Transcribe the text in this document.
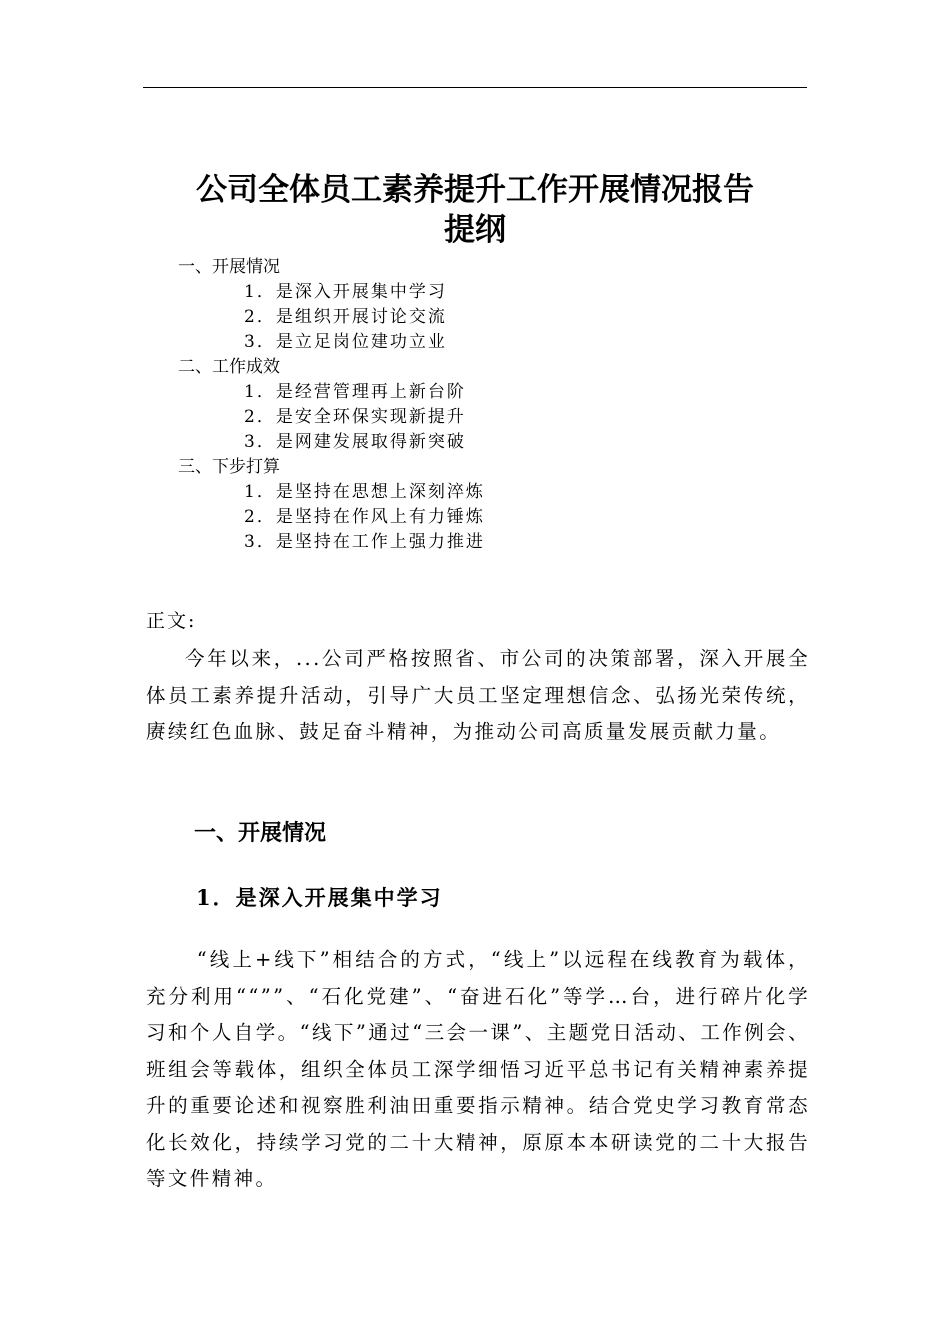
公司全体员工素养提升工作开展情况报告
提纲
一、开展情况
1．是深入开展集中学习
2．是组织开展讨论交流
3．是立足岗位建功立业
二、工作成效
1．是经营管理再上新台阶
2．是安全环保实现新提升
3．是网建发展取得新突破
三、下步打算
1．是坚持在思想上深刻淬炼
2．是坚持在作风上有力锤炼
3．是坚持在工作上强力推进
正文:

今年以来，...公司严格按照省、市公司的决策部署，深入开展全体员工素养提升活动，引导广大员工坚定理想信念、弘扬光荣传统，赓续红色血脉、鼓足奋斗精神，为推动公司高质量发展贡献力量。

一、开展情况
1．是深入开展集中学习

“线上+线下”相结合的方式，“线上”以远程在线教育为载体，充分利用““””、“石化党建”、“奋进石化”等学…台，进行碎片化学习和个人自学。“线下”通过“三会一课”、主题党日活动、工作例会、班组会等载体，组织全体员工深学细悟习近平总书记有关精神素养提升的重要论述和视察胜利油田重要指示精神。结合党史学习教育常态化长效化，持续学习党的二十大精神，原原本本研读党的二十大报告等文件精神。
